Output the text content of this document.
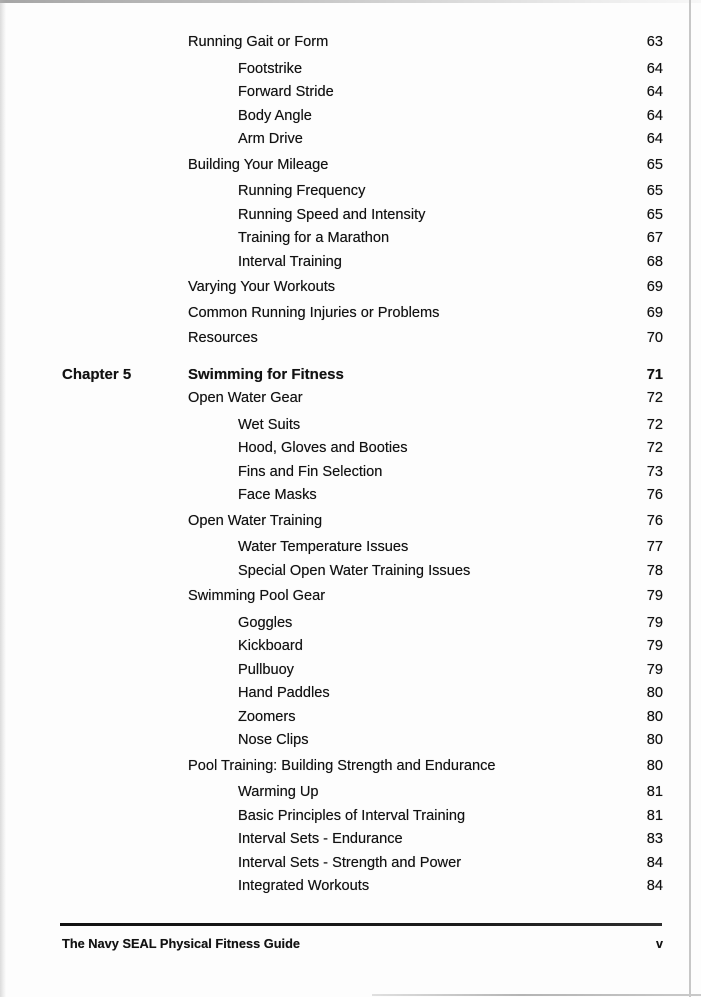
Running Gait or Form	63
Footstrike	64
Forward Stride	64
Body Angle	64
Arm Drive	64
Building Your Mileage	65
Running Frequency	65
Running Speed and Intensity	65
Training for a Marathon	67
Interval Training	68
Varying Your Workouts	69
Common Running Injuries or Problems	69
Resources	70
Chapter 5	Swimming for Fitness	71
Open Water Gear	72
Wet Suits	72
Hood, Gloves and Booties	72
Fins and Fin Selection	73
Face Masks	76
Open Water Training	76
Water Temperature Issues	77
Special Open Water Training Issues	78
Swimming Pool Gear	79
Goggles	79
Kickboard	79
Pullbuoy	79
Hand Paddles	80
Zoomers	80
Nose Clips	80
Pool Training: Building Strength and Endurance	80
Warming Up	81
Basic Principles of Interval Training	81
Interval Sets - Endurance	83
Interval Sets - Strength and Power	84
Integrated Workouts	84
The Navy SEAL Physical Fitness Guide	v
